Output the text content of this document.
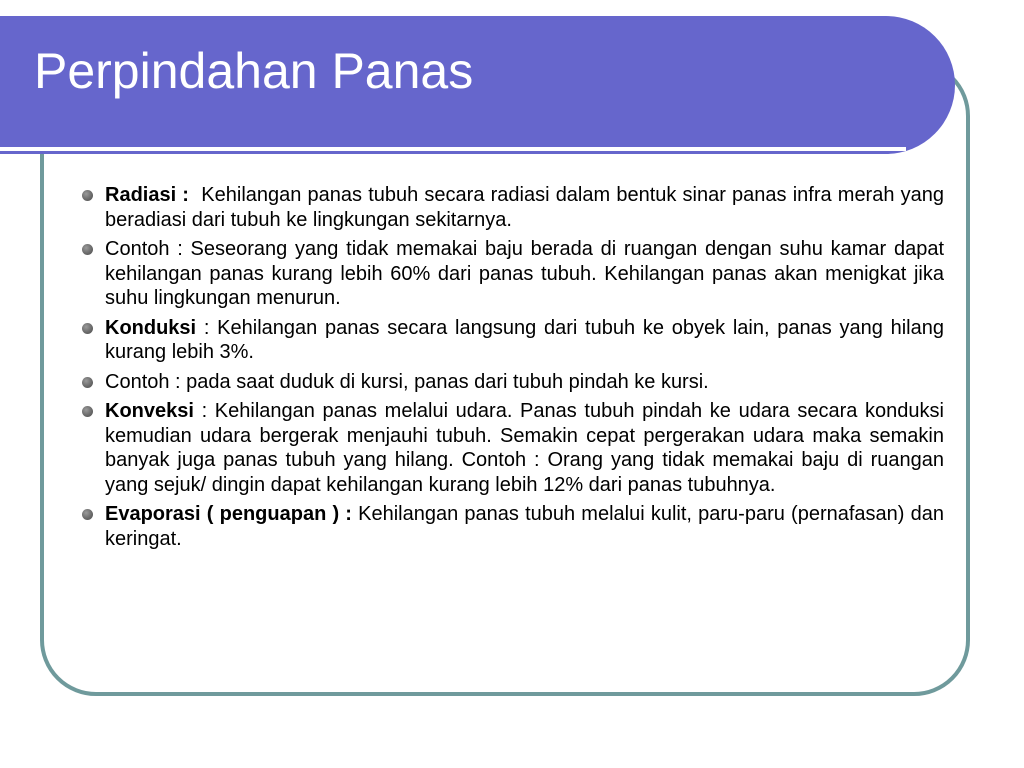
Perpindahan Panas
Radiasi :  Kehilangan panas tubuh secara radiasi dalam bentuk sinar panas infra merah yang beradiasi dari tubuh ke lingkungan sekitarnya.
Contoh : Seseorang yang tidak memakai baju berada di ruangan dengan suhu kamar dapat kehilangan panas kurang lebih 60% dari panas tubuh. Kehilangan panas akan menigkat jika suhu lingkungan menurun.
Konduksi : Kehilangan panas secara langsung dari tubuh ke obyek lain, panas yang hilang kurang lebih 3%.
Contoh : pada saat duduk di kursi, panas dari tubuh pindah ke kursi.
Konveksi : Kehilangan panas melalui udara. Panas tubuh pindah ke udara secara konduksi kemudian udara bergerak menjauhi tubuh. Semakin cepat pergerakan udara maka semakin banyak juga panas tubuh yang hilang. Contoh : Orang yang tidak memakai baju di ruangan yang sejuk/ dingin dapat kehilangan kurang lebih 12% dari panas tubuhnya.
Evaporasi ( penguapan ) : Kehilangan panas tubuh melalui kulit, paru-paru (pernafasan) dan keringat.
